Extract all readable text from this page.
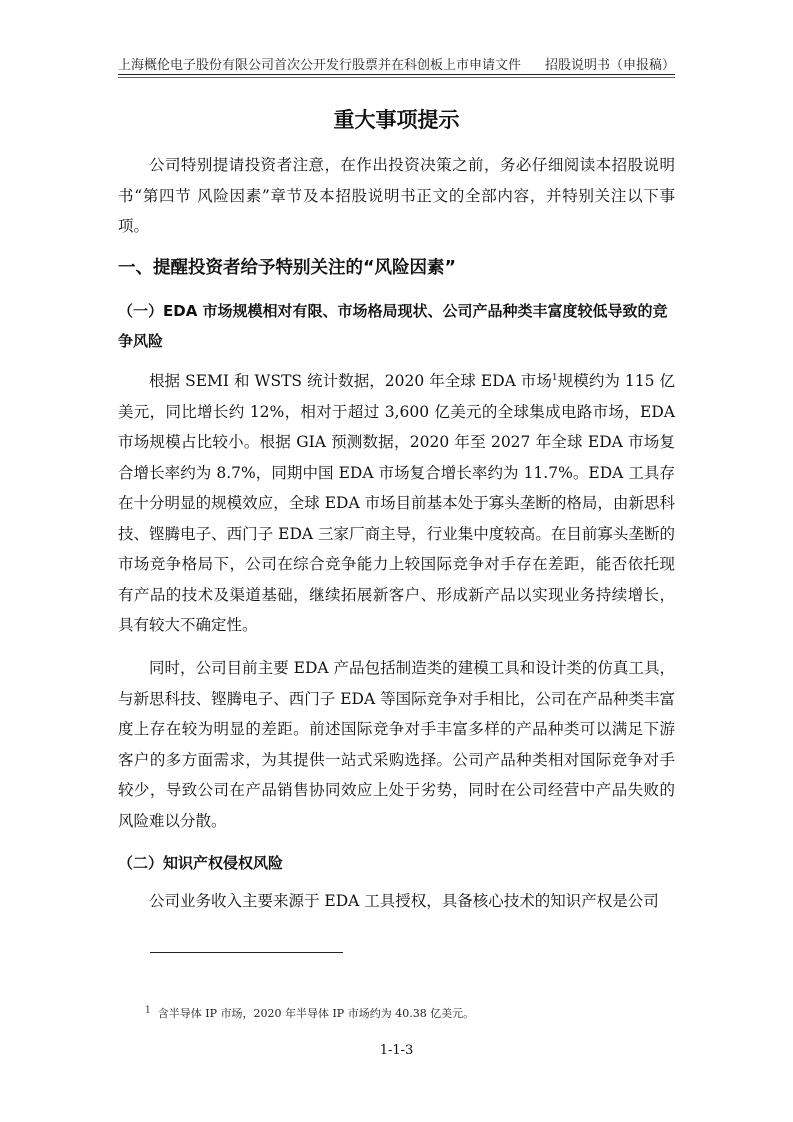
上海概伦电子股份有限公司首次公开发行股票并在科创板上市申请文件 招股说明书（申报稿）
重大事项提示
公司特别提请投资者注意，在作出投资决策之前，务必仔细阅读本招股说明书“第四节 风险因素”章节及本招股说明书正文的全部内容，并特别关注以下事项。
一、提醒投资者给予特别关注的“风险因素”
（一）EDA 市场规模相对有限、市场格局现状、公司产品种类丰富度较低导致的竞争风险
根据 SEMI 和 WSTS 统计数据，2020 年全球 EDA 市场$^1$规模约为 115 亿美元，同比增长约 12%，相对于超过 3,600 亿美元的全球集成电路市场，EDA 市场规模占比较小。根据 GIA 预测数据，2020 年至 2027 年全球 EDA 市场复合增长率约为 8.7%，同期中国 EDA 市场复合增长率约为 11.7%。EDA 工具存在十分明显的规模效应，全球 EDA 市场目前基本处于寡头垄断的格局，由新思科技、铿腾电子、西门子 EDA 三家厂商主导，行业集中度较高。在目前寡头垄断的市场竞争格局下，公司在综合竞争能力上较国际竞争对手存在差距，能否依托现有产品的技术及渠道基础，继续拓展新客户、形成新产品以实现业务持续增长，具有较大不确定性。
同时，公司目前主要 EDA 产品包括制造类的建模工具和设计类的仿真工具，与新思科技、铿腾电子、西门子 EDA 等国际竞争对手相比，公司在产品种类丰富度上存在较为明显的差距。前述国际竞争对手丰富多样的产品种类可以满足下游客户的多方面需求，为其提供一站式采购选择。公司产品种类相对国际竞争对手较少，导致公司在产品销售协同效应上处于劣势，同时在公司经营中产品失败的风险难以分散。
（二）知识产权侵权风险
公司业务收入主要来源于 EDA 工具授权，具备核心技术的知识产权是公司
$^1$ 含半导体 IP 市场，2020 年半导体 IP 市场约为 40.38 亿美元。
1-1-3
